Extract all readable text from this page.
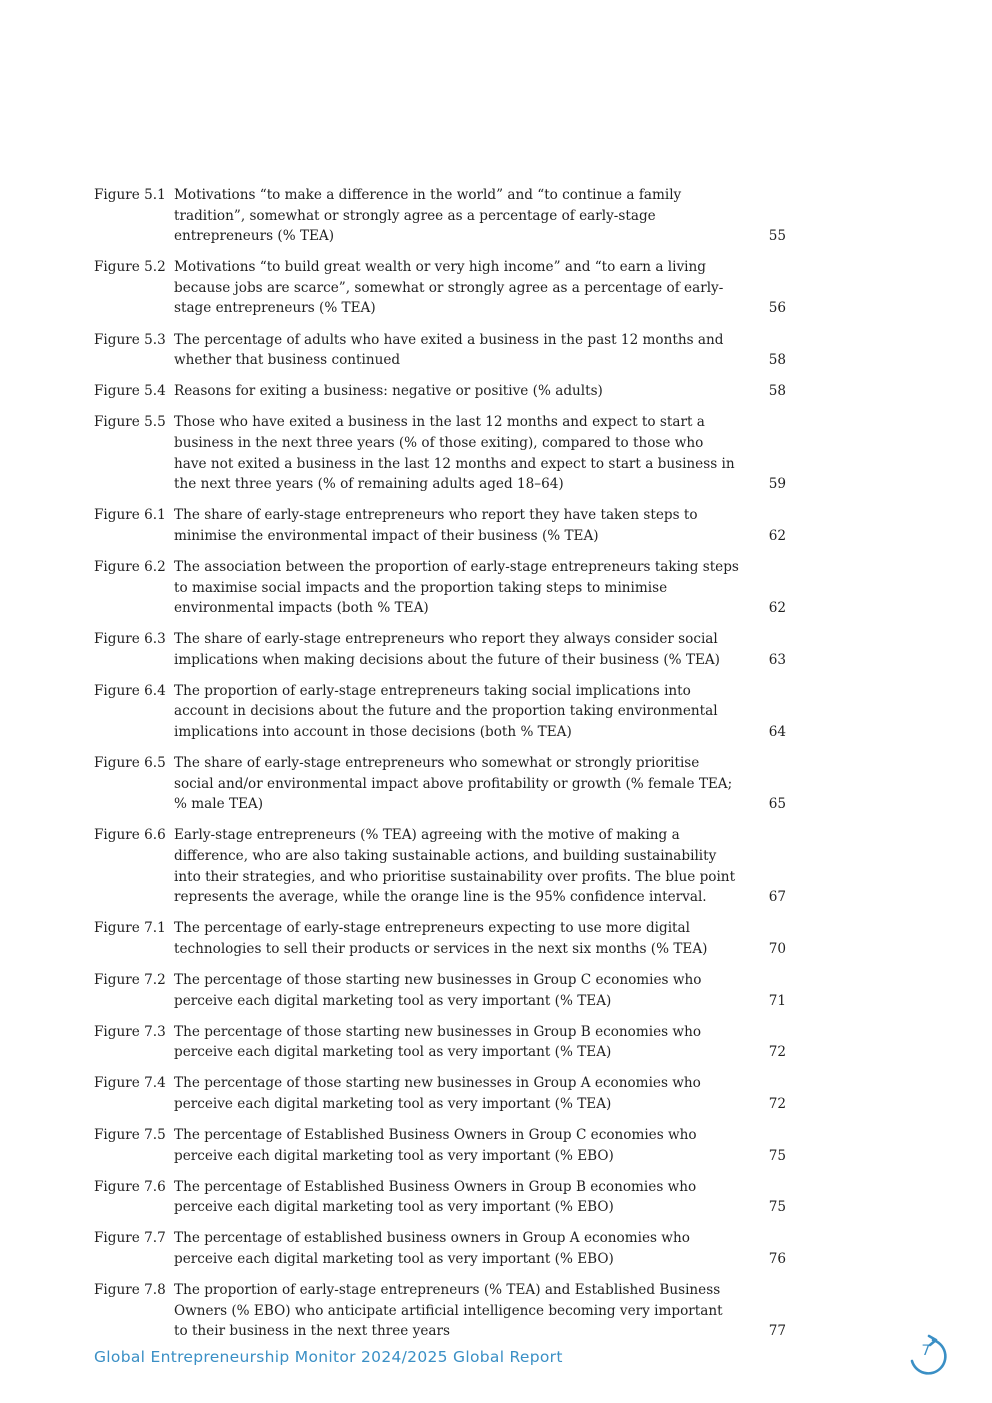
Figure 5.1 Motivations “to make a difference in the world” and “to continue a family tradition”, somewhat or strongly agree as a percentage of early-stage entrepreneurs (% TEA)	55
Figure 5.2 Motivations “to build great wealth or very high income” and “to earn a living because jobs are scarce”, somewhat or strongly agree as a percentage of early-stage entrepreneurs (% TEA)	56
Figure 5.3 The percentage of adults who have exited a business in the past 12 months and whether that business continued	58
Figure 5.4 Reasons for exiting a business: negative or positive (% adults)	58
Figure 5.5 Those who have exited a business in the last 12 months and expect to start a business in the next three years (% of those exiting), compared to those who have not exited a business in the last 12 months and expect to start a business in the next three years (% of remaining adults aged 18–64)	59
Figure 6.1 The share of early-stage entrepreneurs who report they have taken steps to minimise the environmental impact of their business (% TEA)	62
Figure 6.2 The association between the proportion of early-stage entrepreneurs taking steps to maximise social impacts and the proportion taking steps to minimise environmental impacts (both % TEA)	62
Figure 6.3 The share of early-stage entrepreneurs who report they always consider social implications when making decisions about the future of their business (% TEA)	63
Figure 6.4 The proportion of early-stage entrepreneurs taking social implications into account in decisions about the future and the proportion taking environmental implications into account in those decisions (both % TEA)	64
Figure 6.5 The share of early-stage entrepreneurs who somewhat or strongly prioritise social and/or environmental impact above profitability or growth (% female TEA; % male TEA)	65
Figure 6.6 Early-stage entrepreneurs (% TEA) agreeing with the motive of making a difference, who are also taking sustainable actions, and building sustainability into their strategies, and who prioritise sustainability over profits. The blue point represents the average, while the orange line is the 95% confidence interval.	67
Figure 7.1 The percentage of early-stage entrepreneurs expecting to use more digital technologies to sell their products or services in the next six months (% TEA)	70
Figure 7.2 The percentage of those starting new businesses in Group C economies who perceive each digital marketing tool as very important (% TEA)	71
Figure 7.3 The percentage of those starting new businesses in Group B economies who perceive each digital marketing tool as very important (% TEA)	72
Figure 7.4 The percentage of those starting new businesses in Group A economies who perceive each digital marketing tool as very important (% TEA)	72
Figure 7.5 The percentage of Established Business Owners in Group C economies who perceive each digital marketing tool as very important (% EBO)	75
Figure 7.6 The percentage of Established Business Owners in Group B economies who perceive each digital marketing tool as very important (% EBO)	75
Figure 7.7 The percentage of established business owners in Group A economies who perceive each digital marketing tool as very important (% EBO)	76
Figure 7.8 The proportion of early-stage entrepreneurs (% TEA) and Established Business Owners (% EBO) who anticipate artificial intelligence becoming very important to their business in the next three years	77
Global Entrepreneurship Monitor 2024/2025 Global Report	7
